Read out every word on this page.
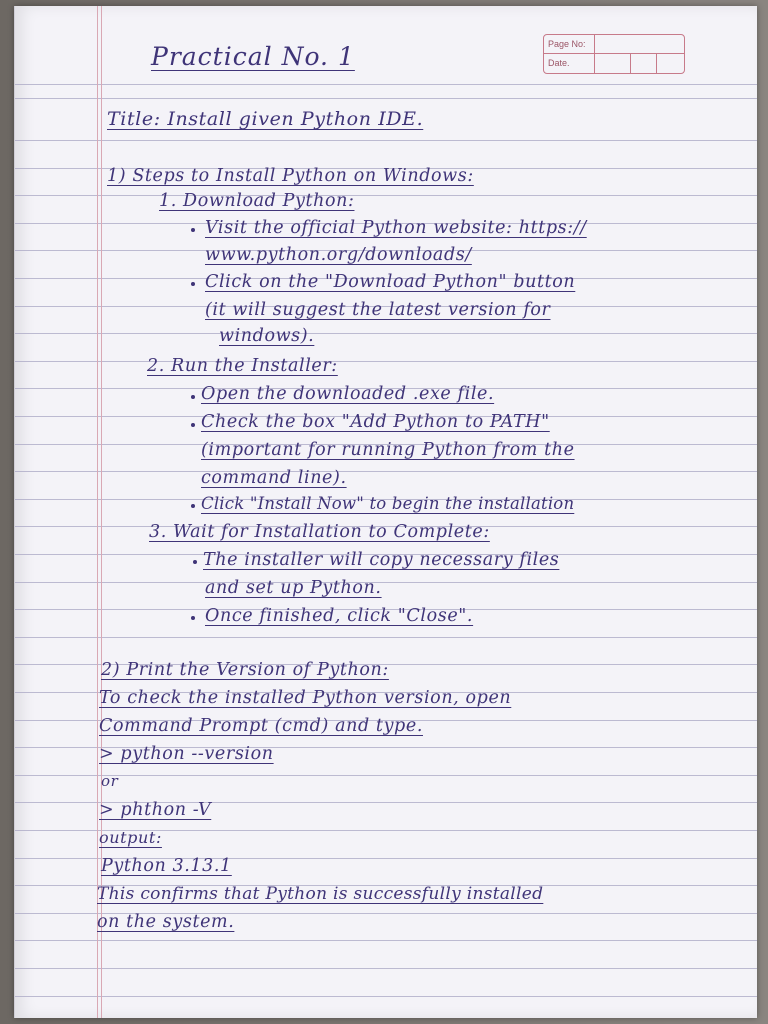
Page No:
Date.
Practical No. 1
Title: Install given Python IDE.
1) Steps to Install Python on Windows:
1. Download Python:
Visit the official Python website: https://
www.python.org/downloads/
Click on the "Download Python" button
(it will suggest the latest version for
windows).
2. Run the Installer:
Open the downloaded .exe file.
Check the box "Add Python to PATH"
(important for running Python from the
command line).
Click "Install Now" to begin the installation
3. Wait for Installation to Complete:
The installer will copy necessary files
and set up Python.
Once finished, click "Close".
2) Print the Version of Python:
To check the installed Python version, open
Command Prompt (cmd) and type.
> python --version
or
> phthon -V
output:
Python 3.13.1
This confirms that Python is successfully installed
on the system.
